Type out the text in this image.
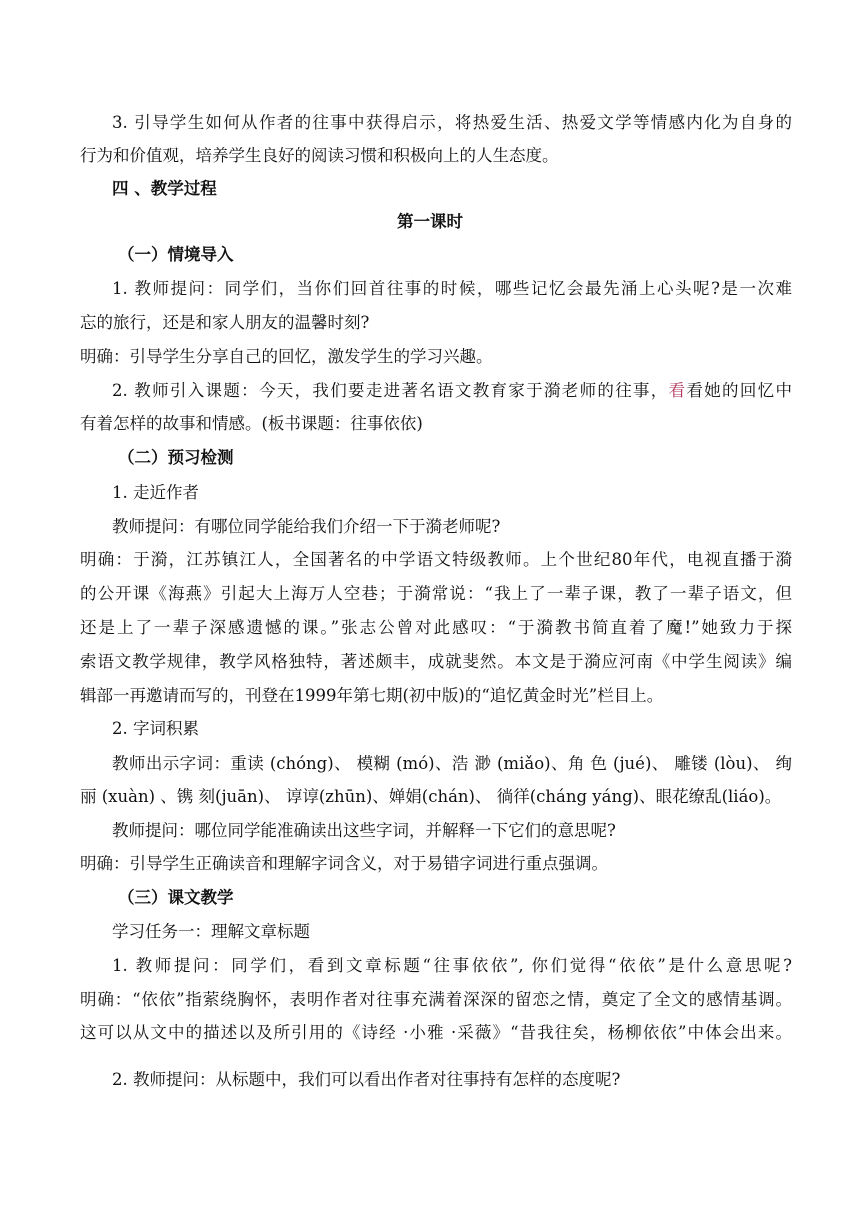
3. 引导学生如何从作者的往事中获得启示，将热爱生活、热爱文学等情感内化为自身的
行为和价值观，培养学生良好的阅读习惯和积极向上的人生态度。
四 、教学过程
第一课时
（一）情境导入
1. 教师提问：同学们，当你们回首往事的时候，哪些记忆会最先涌上心头呢?是一次难
忘的旅行，还是和家人朋友的温馨时刻?
明确：引导学生分享自己的回忆，激发学生的学习兴趣。
2. 教师引入课题：今天，我们要走进著名语文教育家于漪老师的往事，看看她的回忆中
有着怎样的故事和情感。(板书课题：往事依依)
（二）预习检测
1. 走近作者
教师提问：有哪位同学能给我们介绍一下于漪老师呢?
明确：于漪，江苏镇江人，全国著名的中学语文特级教师。上个世纪80年代，电视直播于漪
的公开课《海燕》引起大上海万人空巷；于漪常说：“我上了一辈子课，教了一辈子语文，但
还是上了一辈子深感遗憾的课。”张志公曾对此感叹：“于漪教书简直着了魔!”她致力于探
索语文教学规律，教学风格独特，著述颇丰，成就斐然。本文是于漪应河南《中学生阅读》编
辑部一再邀请而写的，刊登在1999年第七期(初中版)的“追忆黄金时光”栏目上。
2. 字词积累
教师出示字词：重读 (chóng)、 模糊 (mó)、浩 渺 (miǎo)、角 色 (jué)、 雕镂 (lòu)、 绚
丽 (xuàn) 、镌 刻(juān)、 谆谆(zhūn)、婵娟(chán)、 徜徉(cháng yáng)、眼花缭乱(liáo)。
教师提问：哪位同学能准确读出这些字词，并解释一下它们的意思呢?
明确：引导学生正确读音和理解字词含义，对于易错字词进行重点强调。
（三）课文教学
学习任务一：理解文章标题
1. 教师提问：同学们，看到文章标题“往事依依”, 你们觉得“依依”是什么意思呢?
明确：“依依”指萦绕胸怀，表明作者对往事充满着深深的留恋之情，奠定了全文的感情基调。
这可以从文中的描述以及所引用的《诗经 ·小雅 ·采薇》“昔我往矣，杨柳依依”中体会出来。
2. 教师提问：从标题中，我们可以看出作者对往事持有怎样的态度呢?
